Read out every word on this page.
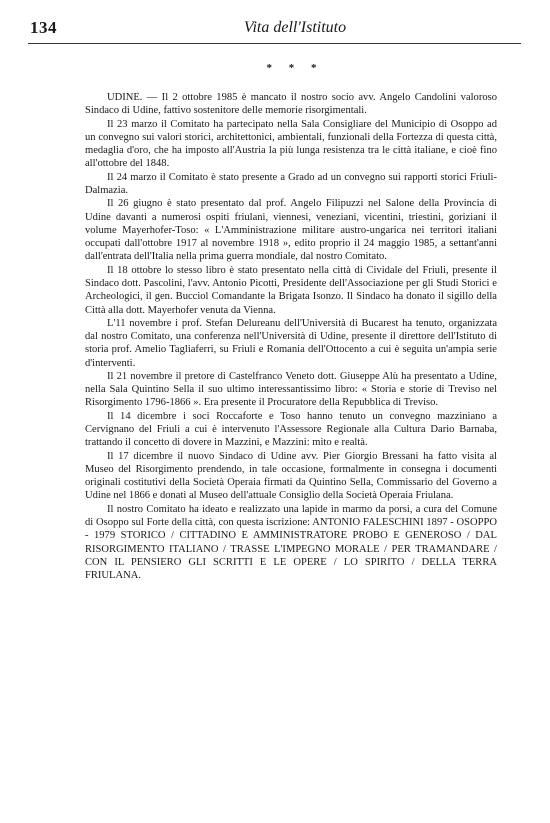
134	Vita dell'Istituto
* * *

UDINE. — Il 2 ottobre 1985 è mancato il nostro socio avv. Angelo Candolini valoroso Sindaco di Udine, fattivo sostenitore delle memorie risorgimentali.

Il 23 marzo il Comitato ha partecipato nella Sala Consigliare del Municipio di Osoppo ad un convegno sui valori storici, architettonici, ambientali, funzionali della Fortezza di questa città, medaglia d'oro, che ha imposto all'Austria la più lunga resistenza tra le città italiane, e cioè fino all'ottobre del 1848.

Il 24 marzo il Comitato è stato presente a Grado ad un convegno sui rapporti storici Friuli-Dalmazia.

Il 26 giugno è stato presentato dal prof. Angelo Filipuzzi nel Salone della Provincia di Udine davanti a numerosi ospiti friulani, viennesi, veneziani, vicentini, triestini, goriziani il volume Mayerhofer-Toso: « L'Amministrazione militare austro-ungarica nei territori italiani occupati dall'ottobre 1917 al novembre 1918 », edito proprio il 24 maggio 1985, a settant'anni dall'entrata dell'Italia nella prima guerra mondiale, dal nostro Comitato.

Il 18 ottobre lo stesso libro è stato presentato nella città di Cividale del Friuli, presente il Sindaco dott. Pascolini, l'avv. Antonio Picotti, Presidente dell'Associazione per gli Studi Storici e Archeologici, il gen. Bucciol Comandante la Brigata Isonzo. Il Sindaco ha donato il sigillo della Città alla dott. Mayerhofer venuta da Vienna.

L'11 novembre i prof. Stefan Delureanu dell'Università di Bucarest ha tenuto, organizzata dal nostro Comitato, una conferenza nell'Università di Udine, presente il direttore dell'Istituto di storia prof. Amelio Tagliaferri, su Friuli e Romania dell'Ottocento a cui è seguita un'ampia serie d'interventi.

Il 21 novembre il pretore di Castelfranco Veneto dott. Giuseppe Alù ha presentato a Udine, nella Sala Quintino Sella il suo ultimo interessantissimo libro: « Storia e storie di Treviso nel Risorgimento 1796-1866 ». Era presente il Procuratore della Repubblica di Treviso.

Il 14 dicembre i soci Roccaforte e Toso hanno tenuto un convegno mazziniano a Cervignano del Friuli a cui è intervenuto l'Assessore Regionale alla Cultura Dario Barnaba, trattando il concetto di dovere in Mazzini, e Mazzini: mito e realtà.

Il 17 dicembre il nuovo Sindaco di Udine avv. Pier Giorgio Bressani ha fatto visita al Museo del Risorgimento prendendo, in tale occasione, formalmente in consegna i documenti originali costitutivi della Società Operaia firmati da Quintino Sella, Commissario del Governo a Udine nel 1866 e donati al Museo dell'attuale Consiglio della Società Operaia Friulana.

Il nostro Comitato ha ideato e realizzato una lapide in marmo da porsi, a cura del Comune di Osoppo sul Forte della città, con questa iscrizione: ANTONIO FALESCHINI 1897 - OSOPPO - 1979 STORICO / CITTADINO E AMMINISTRATORE PROBO E GENEROSO / DAL RISORGIMENTO ITALIANO / TRASSE L'IMPEGNO MORALE / PER TRAMANDARE / CON IL PENSIERO GLI SCRITTI E LE OPERE / LO SPIRITO / DELLA TERRA FRIULANA.
